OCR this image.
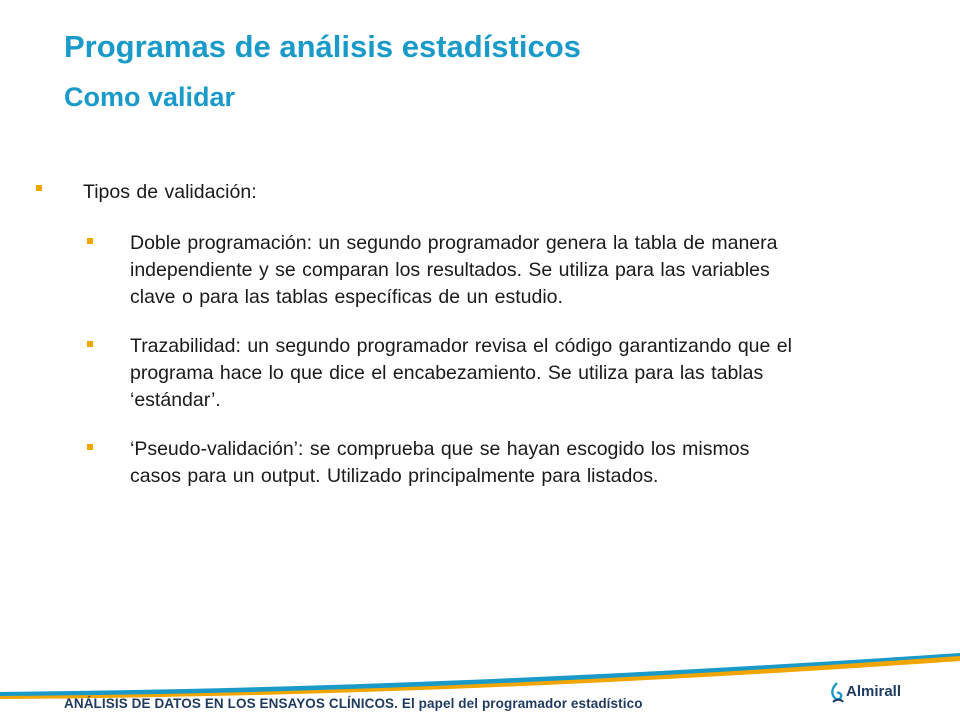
Programas de análisis estadísticos
Como validar
Tipos de validación:
Doble programación: un segundo programador genera la tabla de manera
independiente y se comparan los resultados. Se utiliza para las variables
clave o para las tablas específicas de un estudio.
Trazabilidad: un segundo programador revisa el código garantizando que el
programa hace lo que dice el encabezamiento. Se utiliza para las tablas
‘estándar’.
‘Pseudo-validación’: se comprueba que se hayan escogido los mismos
casos para un output. Utilizado principalmente para listados.
ANÁLISIS DE DATOS EN LOS ENSAYOS CLÍNICOS. El papel del programador estadístico
Almirall
